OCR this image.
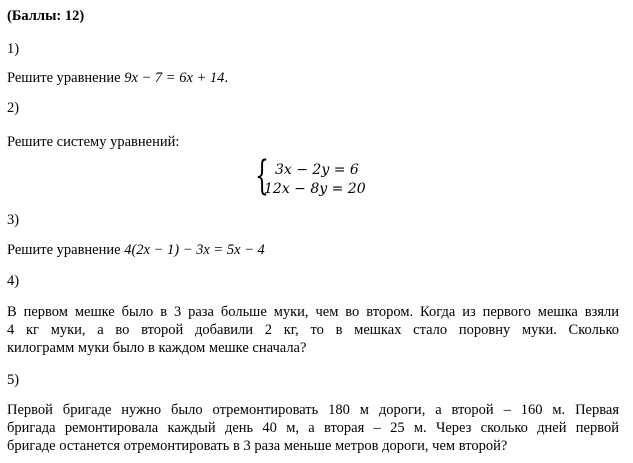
(Баллы: 12)
1)
Решите уравнение 9x − 7 = 6x + 14.
2)
Решите систему уравнений:
{ 3x − 2y = 6
12x − 8y = 20
3)
Решите уравнение 4(2x − 1) − 3x = 5x − 4
4)
В первом мешке было в 3 раза больше муки, чем во втором. Когда из первого мешка взяли
4 кг муки, а во второй добавили 2 кг, то в мешках стало поровну муки. Сколько
килограмм муки было в каждом мешке сначала?
5)
Первой бригаде нужно было отремонтировать 180 м дороги, а второй – 160 м. Первая
бригада ремонтировала каждый день 40 м, а вторая – 25 м. Через сколько дней первой
бригаде останется отремонтировать в 3 раза меньше метров дороги, чем второй?
